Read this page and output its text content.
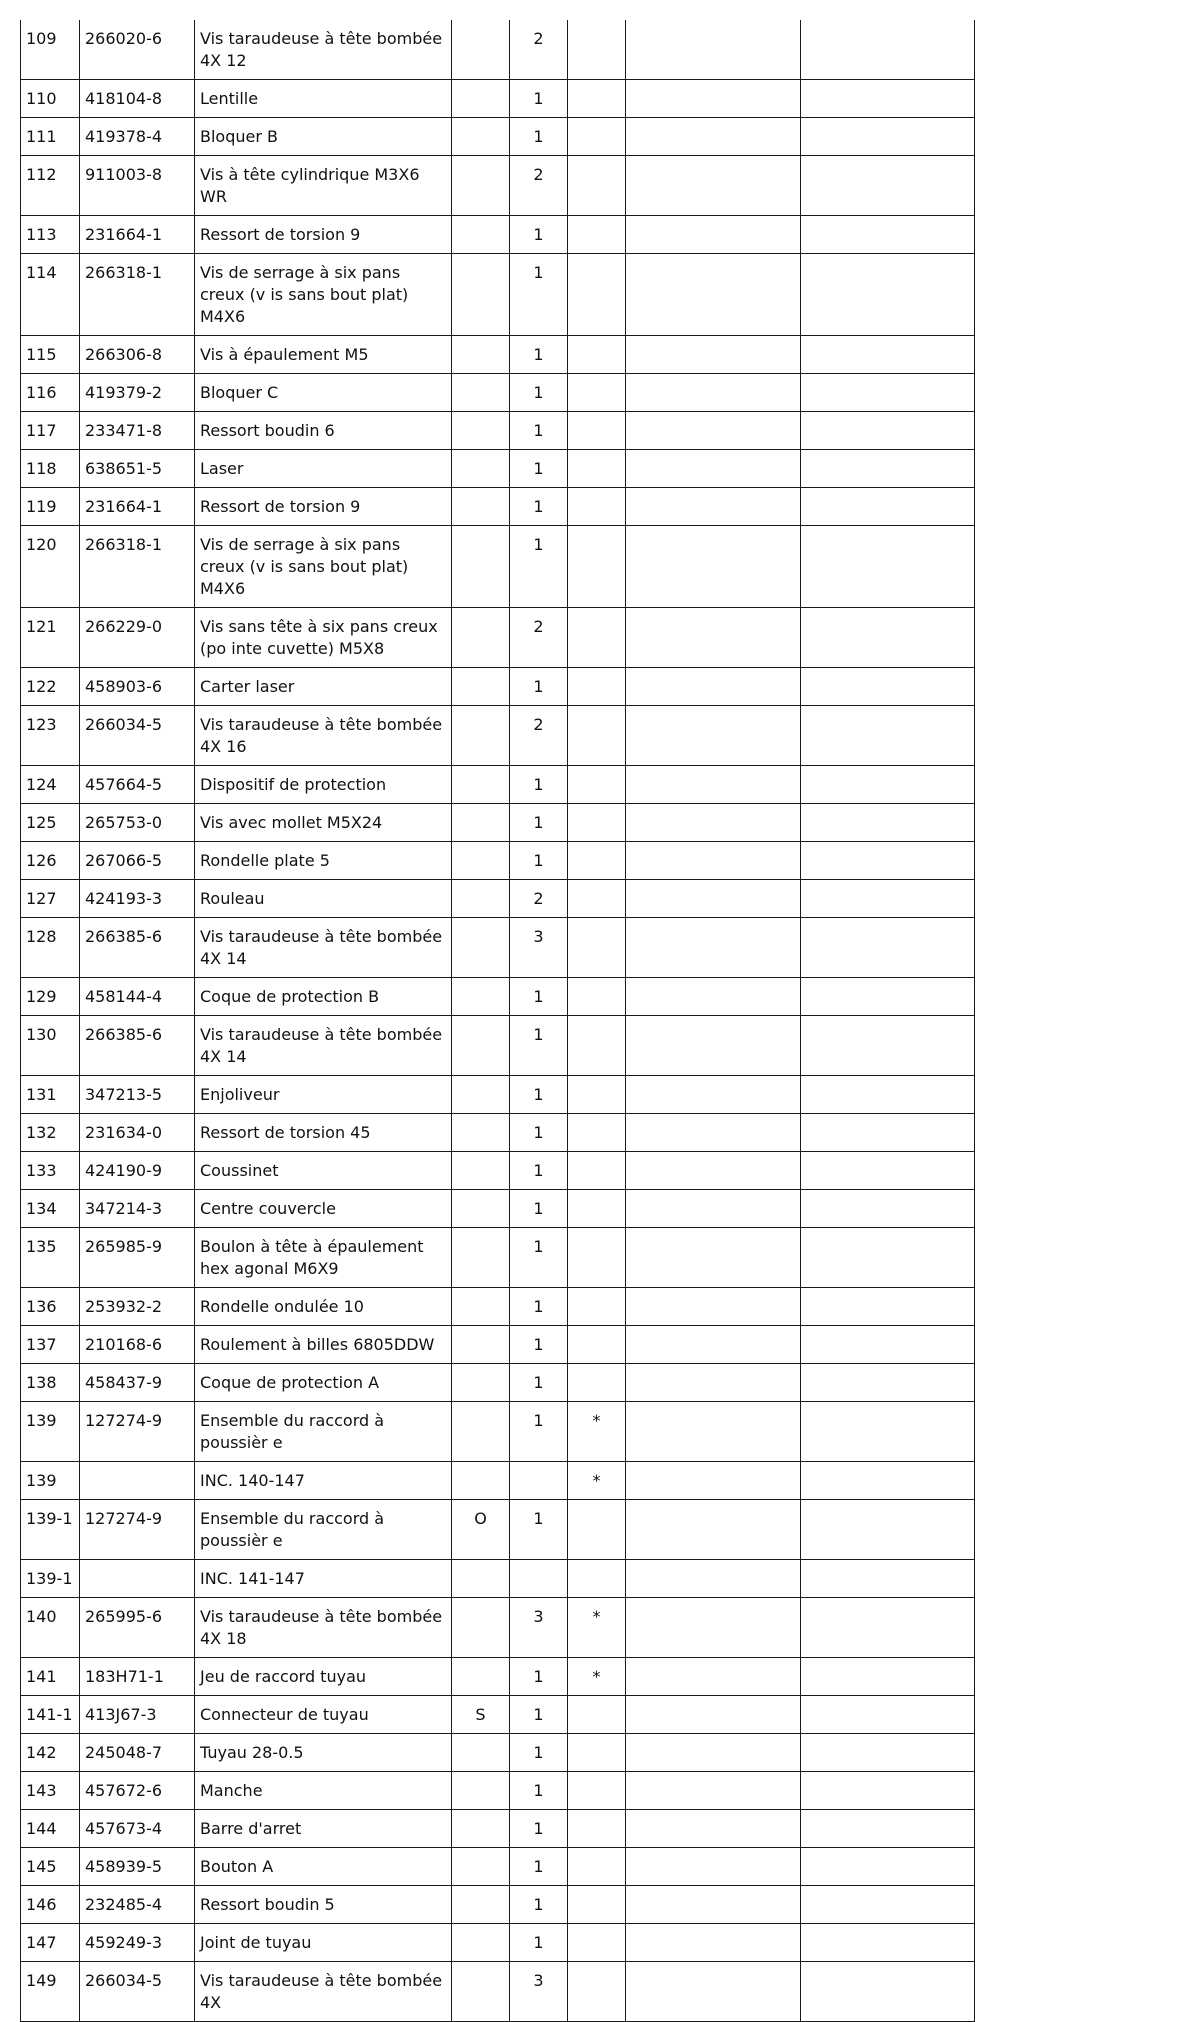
109	266020-6	Vis taraudeuse à tête bombée 4X 12		2			
110	418104-8	Lentille		1			
111	419378-4	Bloquer B		1			
112	911003-8	Vis à tête cylindrique M3X6 WR		2			
113	231664-1	Ressort de torsion 9		1			
114	266318-1	Vis de serrage à six pans creux (v is sans bout plat) M4X6		1			
115	266306-8	Vis à épaulement M5		1			
116	419379-2	Bloquer C		1			
117	233471-8	Ressort boudin 6		1			
118	638651-5	Laser		1			
119	231664-1	Ressort de torsion 9		1			
120	266318-1	Vis de serrage à six pans creux (v is sans bout plat) M4X6		1			
121	266229-0	Vis sans tête à six pans creux (po inte cuvette) M5X8		2			
122	458903-6	Carter laser		1			
123	266034-5	Vis taraudeuse à tête bombée 4X 16		2			
124	457664-5	Dispositif de protection		1			
125	265753-0	Vis avec mollet M5X24		1			
126	267066-5	Rondelle plate 5		1			
127	424193-3	Rouleau		2			
128	266385-6	Vis taraudeuse à tête bombée 4X 14		3			
129	458144-4	Coque de protection B		1			
130	266385-6	Vis taraudeuse à tête bombée 4X 14		1			
131	347213-5	Enjoliveur		1			
132	231634-0	Ressort de torsion 45		1			
133	424190-9	Coussinet		1			
134	347214-3	Centre couvercle		1			
135	265985-9	Boulon à tête à épaulement hex agonal M6X9		1			
136	253932-2	Rondelle ondulée 10		1			
137	210168-6	Roulement à billes 6805DDW		1			
138	458437-9	Coque de protection A		1			
139	127274-9	Ensemble du raccord à poussièr e		1	*		
139		INC. 140-147			*		
139-1	127274-9	Ensemble du raccord à poussièr e	O	1			
139-1		INC. 141-147					
140	265995-6	Vis taraudeuse à tête bombée 4X 18		3	*		
141	183H71-1	Jeu de raccord tuyau		1	*		
141-1	413J67-3	Connecteur de tuyau	S	1			
142	245048-7	Tuyau 28-0.5		1			
143	457672-6	Manche		1			
144	457673-4	Barre d'arret		1			
145	458939-5	Bouton A		1			
146	232485-4	Ressort boudin 5		1			
147	459249-3	Joint de tuyau		1			
149	266034-5	Vis taraudeuse à tête bombée 4X		3			
